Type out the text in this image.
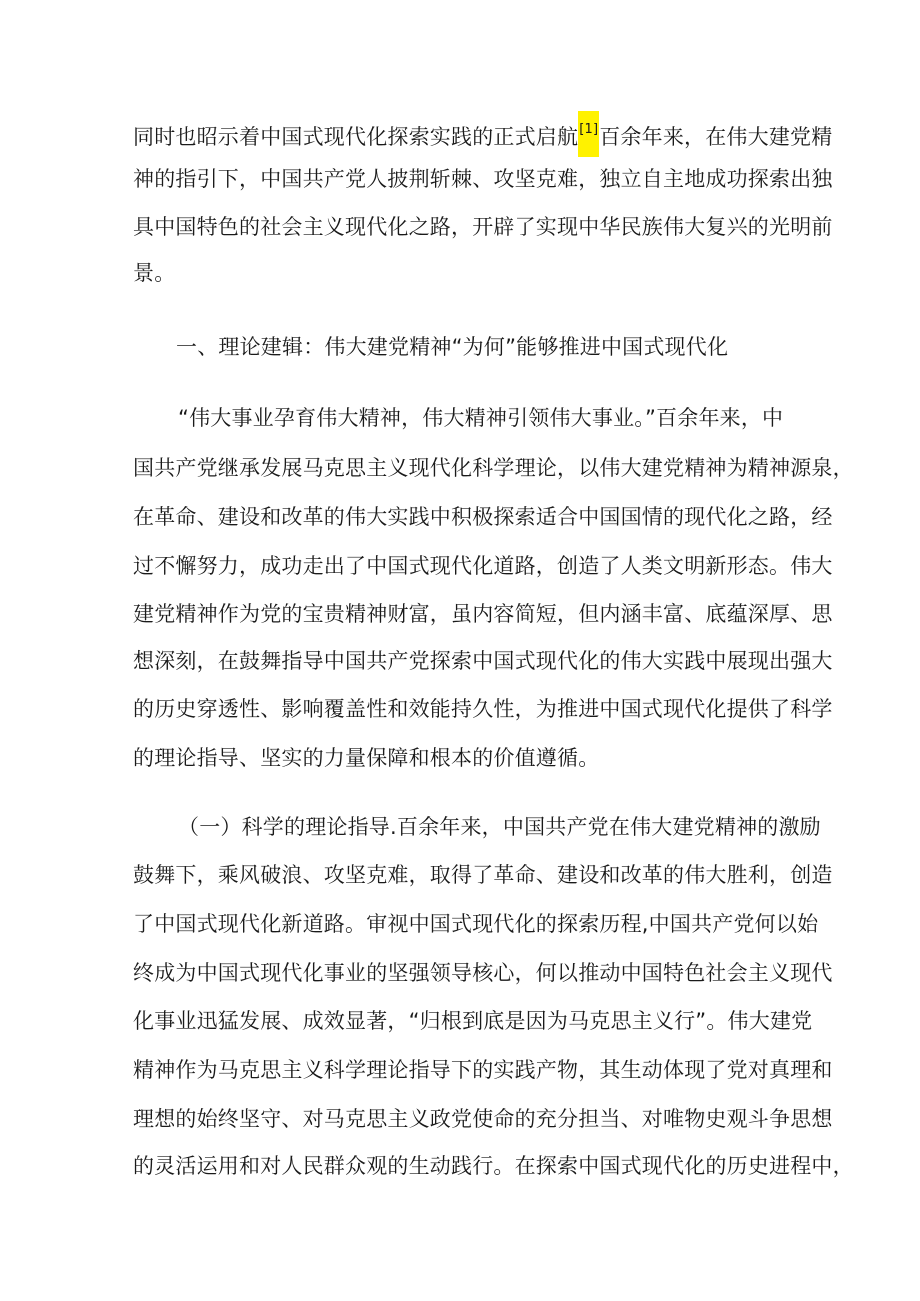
同时也昭示着中国式现代化探索实践的正式启航[1]百余年来，在伟大建党精
神的指引下，中国共产党人披荆斩棘、攻坚克难，独立自主地成功探索出独
具中国特色的社会主义现代化之路，开辟了实现中华民族伟大复兴的光明前
景。
一、理论建辑：伟大建党精神“为何”能够推进中国式现代化
“伟大事业孕育伟大精神，伟大精神引领伟大事业。”百余年来，中
国共产党继承发展马克思主义现代化科学理论，以伟大建党精神为精神源泉，
在革命、建设和改革的伟大实践中积极探索适合中国国情的现代化之路，经
过不懈努力，成功走出了中国式现代化道路，创造了人类文明新形态。伟大
建党精神作为党的宝贵精神财富，虽内容简短，但内涵丰富、底蕴深厚、思
想深刻，在鼓舞指导中国共产党探索中国式现代化的伟大实践中展现出强大
的历史穿透性、影响覆盖性和效能持久性，为推进中国式现代化提供了科学
的理论指导、坚实的力量保障和根本的价值遵循。
（一）科学的理论指导.百余年来，中国共产党在伟大建党精神的激励
鼓舞下，乘风破浪、攻坚克难，取得了革命、建设和改革的伟大胜利，创造
了中国式现代化新道路。审视中国式现代化的探索历程,中国共产党何以始
终成为中国式现代化事业的坚强领导核心，何以推动中国特色社会主义现代
化事业迅猛发展、成效显著，“归根到底是因为马克思主义行”。伟大建党
精神作为马克思主义科学理论指导下的实践产物，其生动体现了党对真理和
理想的始终坚守、对马克思主义政党使命的充分担当、对唯物史观斗争思想
的灵活运用和对人民群众观的生动践行。在探索中国式现代化的历史进程中，
